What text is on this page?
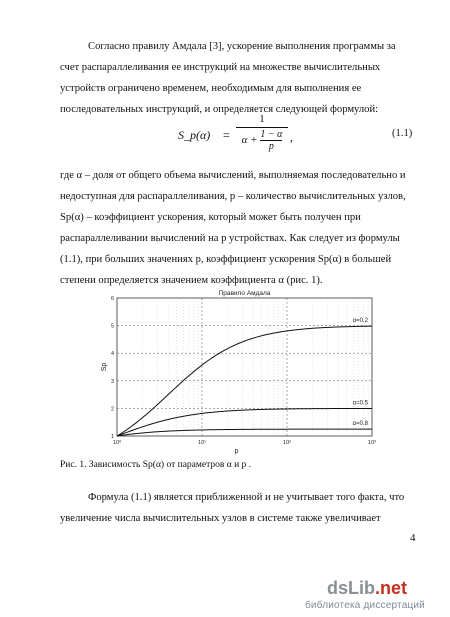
Согласно правилу Амдала [3], ускорение выполнения программы за
счет распараллеливания ее инструкций на множестве вычислительных
устройств ограничено временем, необходимым для выполнения ее
последовательных инструкций, и определяется следующей формулой:
S_p(α) =
1
$\alpha + \frac{1 - \alpha}{p}$ ,	(1.1)
где α – доля от общего объема вычислений, выполняемая последовательно и
недоступная для распараллеливания, p – количество вычислительных узлов,
Sp(α) – коэффициент ускорения, который может быть получен при
распараллеливании вычислений на p устройствах. Как следует из формулы
(1.1), при больших значениях p, коэффициент ускорения Sp(α) в большей
степени определяется значением коэффициента α (рис. 1).
Правило Амдала
1
2
3
4
5
6
10⁰	10¹	10²	10³
p
Sp
α=0.2
α=0.5
α=0.8
Рис. 1. Зависимость Sp(α) от параметров α и p .
Формула (1.1) является приближенной и не учитывает того факта, что
увеличение числа вычислительных узлов в системе также увеличивает
4
dsLib.net
библиотека диссертаций
